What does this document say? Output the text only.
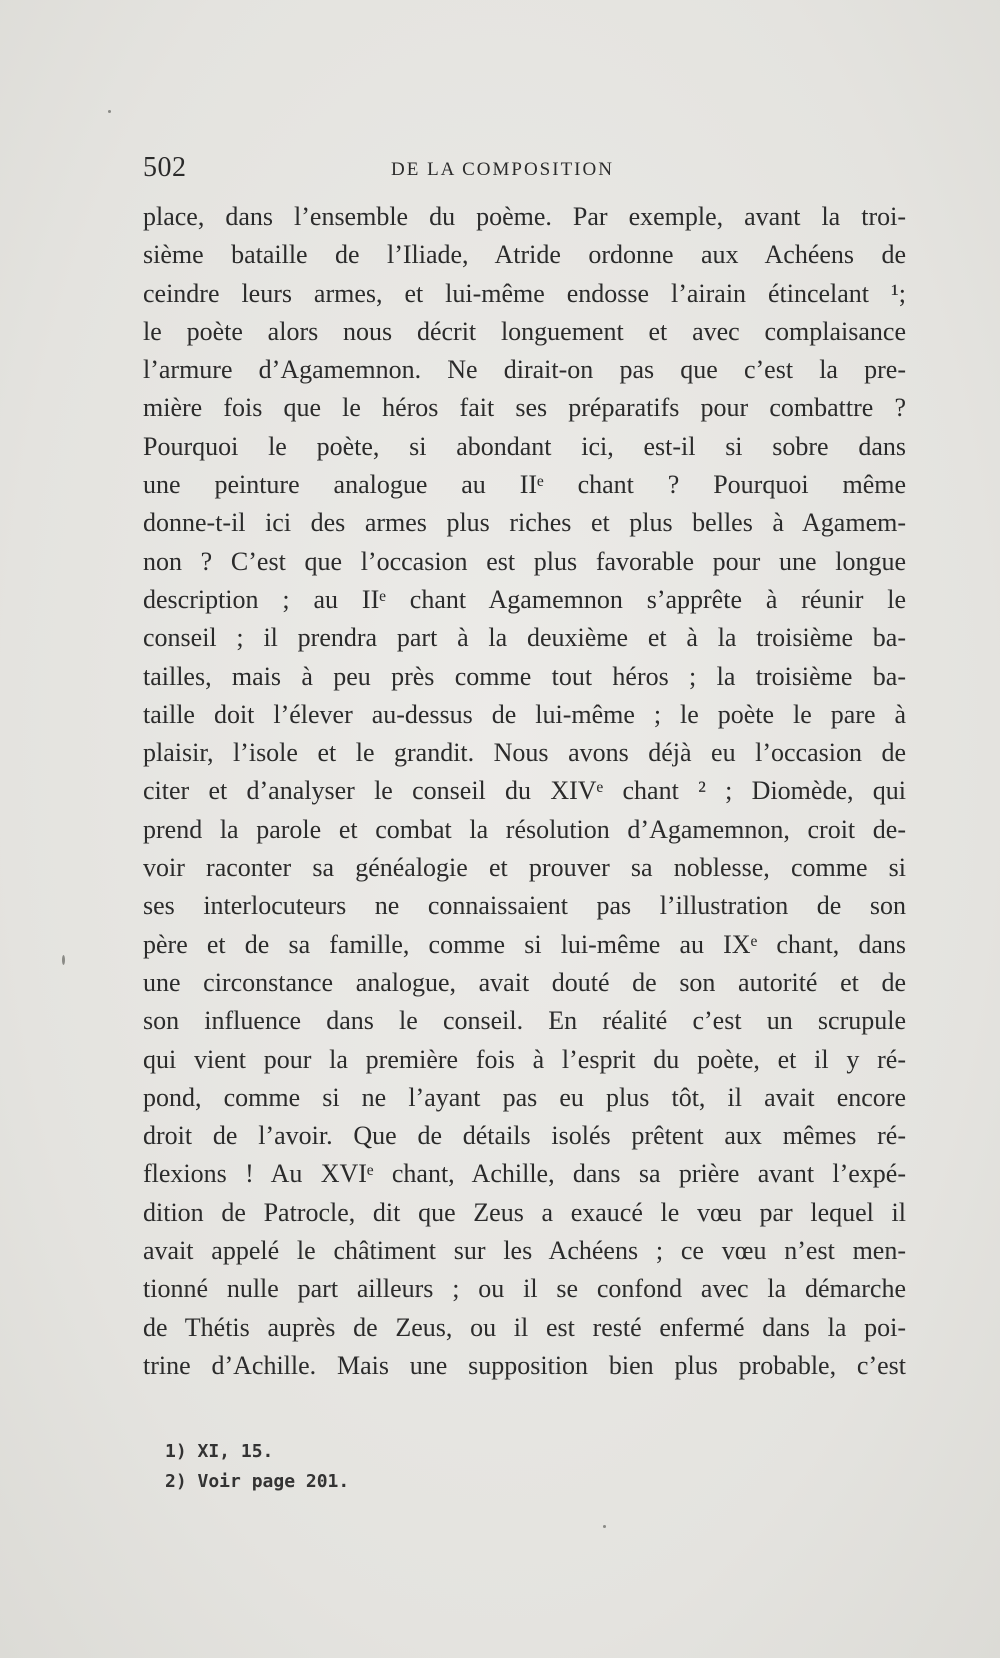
502	DE LA COMPOSITION
place, dans l’ensemble du poème. Par exemple, avant la troi-
sième bataille de l’Iliade, Atride ordonne aux Achéens de
ceindre leurs armes, et lui-même endosse l’airain étincelant ¹;
le poète alors nous décrit longuement et avec complaisance
l’armure d’Agamemnon. Ne dirait-on pas que c’est la pre-
mière fois que le héros fait ses préparatifs pour combattre ?
Pourquoi le poète, si abondant ici, est-il si sobre dans
une peinture analogue au IIᵉ chant ? Pourquoi même
donne-t-il ici des armes plus riches et plus belles à Agamem-
non ? C’est que l’occasion est plus favorable pour une longue
description ; au IIᵉ chant Agamemnon s’apprête à réunir le
conseil ; il prendra part à la deuxième et à la troisième ba-
tailles, mais à peu près comme tout héros ; la troisième ba-
taille doit l’élever au-dessus de lui-même ; le poète le pare à
plaisir, l’isole et le grandit. Nous avons déjà eu l’occasion de
citer et d’analyser le conseil du XIVᵉ chant ² ; Diomède, qui
prend la parole et combat la résolution d’Agamemnon, croit de-
voir raconter sa généalogie et prouver sa noblesse, comme si
ses interlocuteurs ne connaissaient pas l’illustration de son
père et de sa famille, comme si lui-même au IXᵉ chant, dans
une circonstance analogue, avait douté de son autorité et de
son influence dans le conseil. En réalité c’est un scrupule
qui vient pour la première fois à l’esprit du poète, et il y ré-
pond, comme si ne l’ayant pas eu plus tôt, il avait encore
droit de l’avoir. Que de détails isolés prêtent aux mêmes ré-
flexions ! Au XVIᵉ chant, Achille, dans sa prière avant l’expé-
dition de Patrocle, dit que Zeus a exaucé le vœu par lequel il
avait appelé le châtiment sur les Achéens ; ce vœu n’est men-
tionné nulle part ailleurs ; ou il se confond avec la démarche
de Thétis auprès de Zeus, ou il est resté enfermé dans la poi-
trine d’Achille. Mais une supposition bien plus probable, c’est
1) XI, 15.
2) Voir page 201.
